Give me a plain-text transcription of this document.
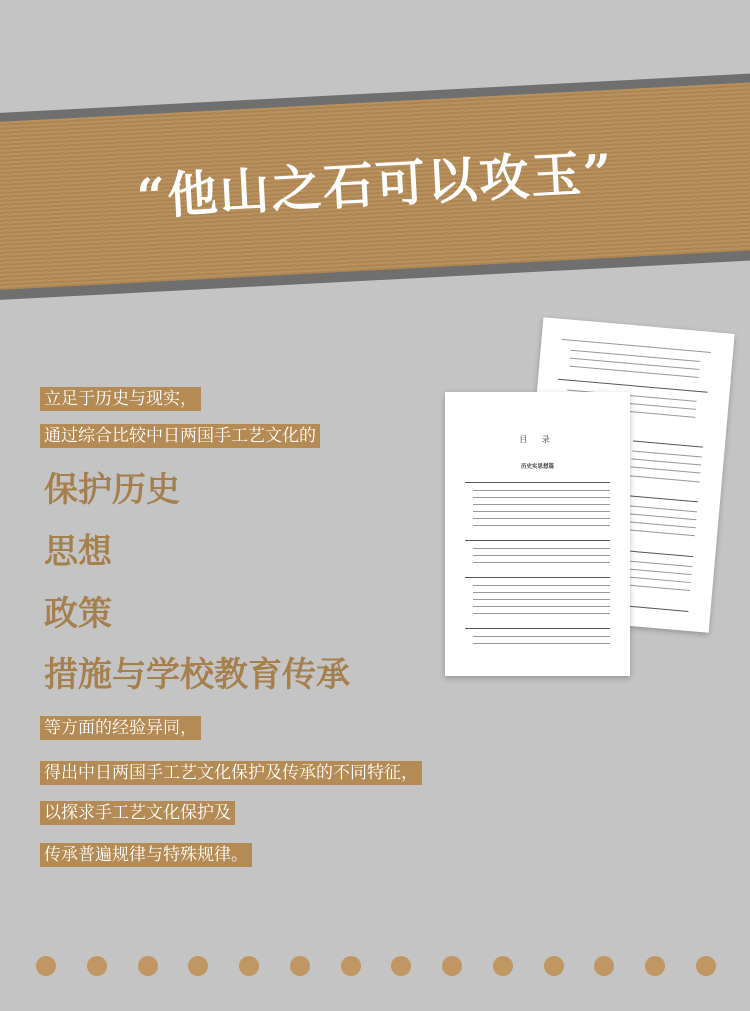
“他山之石可以攻玉”
目 录
历史实思想篇
立足于历史与现实，
通过综合比较中日两国手工艺文化的
保护历史
思想
政策
措施与学校教育传承
等方面的经验异同，
得出中日两国手工艺文化保护及传承的不同特征，
以探求手工艺文化保护及
传承普遍规律与特殊规律。
